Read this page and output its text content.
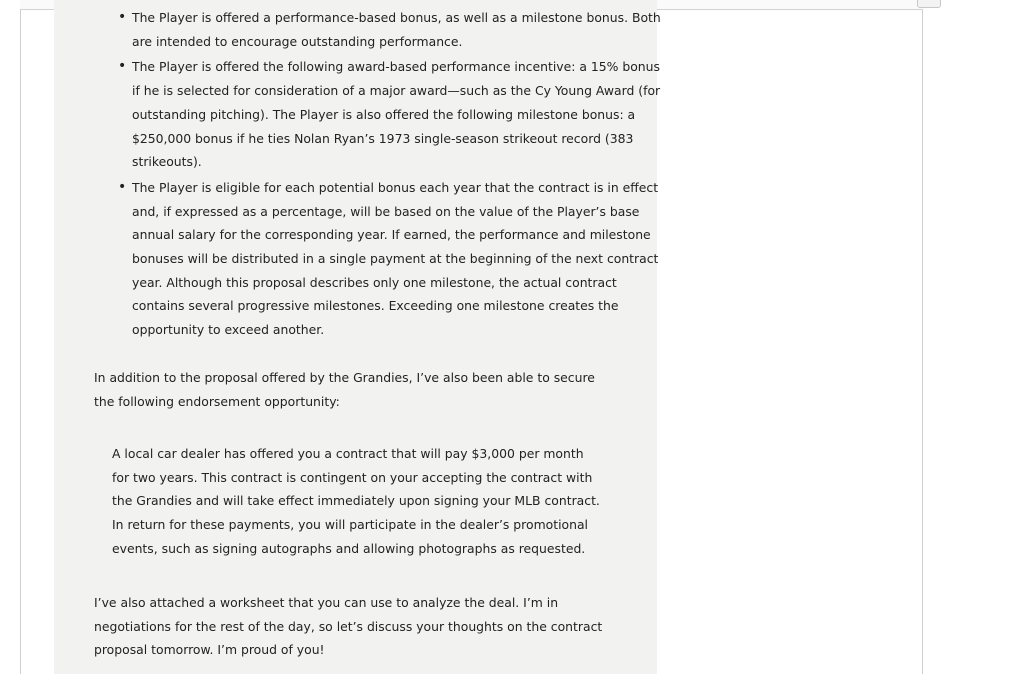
• The Player is offered a performance-based bonus, as well as a milestone bonus. Both are intended to encourage outstanding performance.
• The Player is offered the following award-based performance incentive: a 15% bonus if he is selected for consideration of a major award—such as the Cy Young Award (for outstanding pitching). The Player is also offered the following milestone bonus: a $250,000 bonus if he ties Nolan Ryan’s 1973 single-season strikeout record (383 strikeouts).
• The Player is eligible for each potential bonus each year that the contract is in effect and, if expressed as a percentage, will be based on the value of the Player’s base annual salary for the corresponding year. If earned, the performance and milestone bonuses will be distributed in a single payment at the beginning of the next contract year. Although this proposal describes only one milestone, the actual contract contains several progressive milestones. Exceeding one milestone creates the opportunity to exceed another.
In addition to the proposal offered by the Grandies, I’ve also been able to secure the following endorsement opportunity:
A local car dealer has offered you a contract that will pay $3,000 per month for two years. This contract is contingent on your accepting the contract with the Grandies and will take effect immediately upon signing your MLB contract. In return for these payments, you will participate in the dealer’s promotional events, such as signing autographs and allowing photographs as requested.
I’ve also attached a worksheet that you can use to analyze the deal. I’m in negotiations for the rest of the day, so let’s discuss your thoughts on the contract proposal tomorrow. I’m proud of you!
